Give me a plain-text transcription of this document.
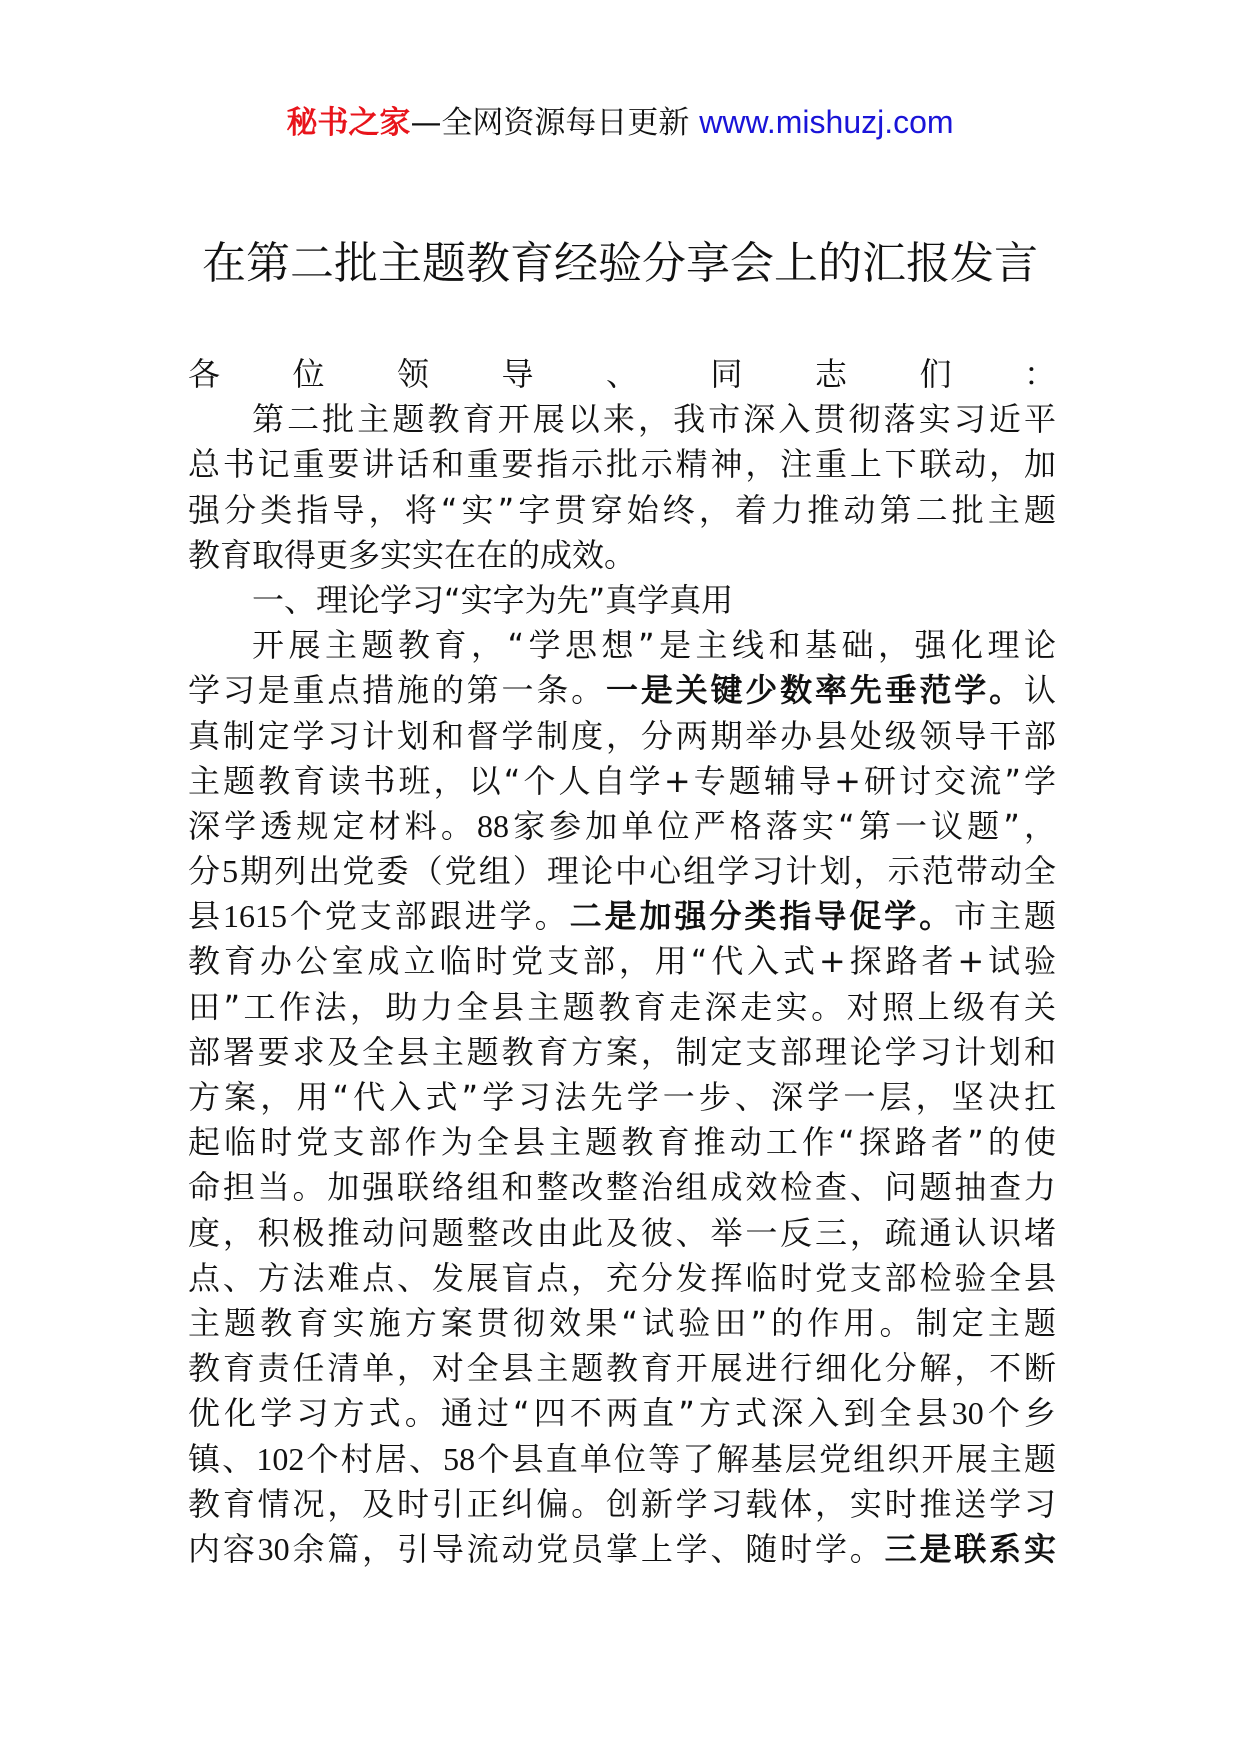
秘书之家—全网资源每日更新 www.mishuzj.com
在第二批主题教育经验分享会上的汇报发言
各位领导、同志们：
第二批主题教育开展以来，我市深入贯彻落实习近平
总书记重要讲话和重要指示批示精神，注重上下联动，加
强分类指导，将“实”字贯穿始终，着力推动第二批主题
教育取得更多实实在在的成效。
一、理论学习“实字为先”真学真用
开展主题教育，“学思想”是主线和基础，强化理论
学习是重点措施的第一条。一是关键少数率先垂范学。认
真制定学习计划和督学制度，分两期举办县处级领导干部
主题教育读书班，以“个人自学+专题辅导+研讨交流”学
深学透规定材料。88家参加单位严格落实“第一议题”，
分5期列出党委（党组）理论中心组学习计划，示范带动全
县1615个党支部跟进学。二是加强分类指导促学。市主题
教育办公室成立临时党支部，用“代入式+探路者+试验
田”工作法，助力全县主题教育走深走实。对照上级有关
部署要求及全县主题教育方案，制定支部理论学习计划和
方案，用“代入式”学习法先学一步、深学一层，坚决扛
起临时党支部作为全县主题教育推动工作“探路者”的使
命担当。加强联络组和整改整治组成效检查、问题抽查力
度，积极推动问题整改由此及彼、举一反三，疏通认识堵
点、方法难点、发展盲点，充分发挥临时党支部检验全县
主题教育实施方案贯彻效果“试验田”的作用。制定主题
教育责任清单，对全县主题教育开展进行细化分解，不断
优化学习方式。通过“四不两直”方式深入到全县30个乡
镇、102个村居、58个县直单位等了解基层党组织开展主题
教育情况，及时引正纠偏。创新学习载体，实时推送学习
内容30余篇，引导流动党员掌上学、随时学。三是联系实
